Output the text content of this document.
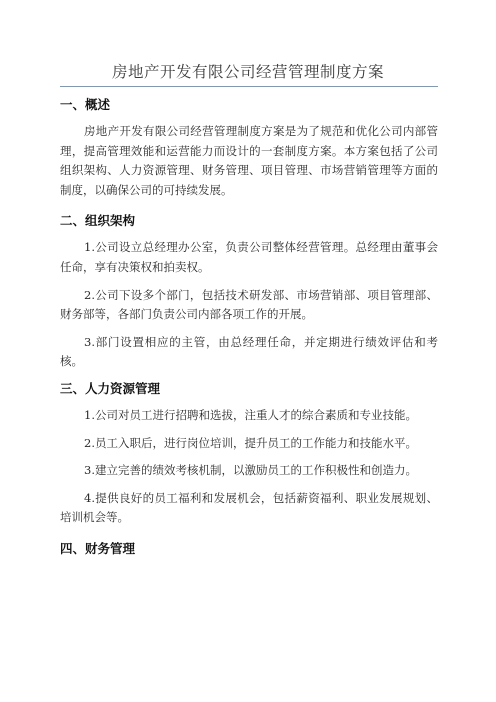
房地产开发有限公司经营管理制度方案
一、概述

房地产开发有限公司经营管理制度方案是为了规范和优化公司内部管理，提高管理效能和运营能力而设计的一套制度方案。本方案包括了公司组织架构、人力资源管理、财务管理、项目管理、市场营销管理等方面的制度，以确保公司的可持续发展。

二、组织架构

1.公司设立总经理办公室，负责公司整体经营管理。总经理由董事会任命，享有决策权和拍卖权。

2.公司下设多个部门，包括技术研发部、市场营销部、项目管理部、财务部等，各部门负责公司内部各项工作的开展。

3.部门设置相应的主管，由总经理任命，并定期进行绩效评估和考核。

三、人力资源管理

1.公司对员工进行招聘和选拔，注重人才的综合素质和专业技能。

2.员工入职后，进行岗位培训，提升员工的工作能力和技能水平。

3.建立完善的绩效考核机制，以激励员工的工作积极性和创造力。

4.提供良好的员工福利和发展机会，包括薪资福利、职业发展规划、培训机会等。

四、财务管理
